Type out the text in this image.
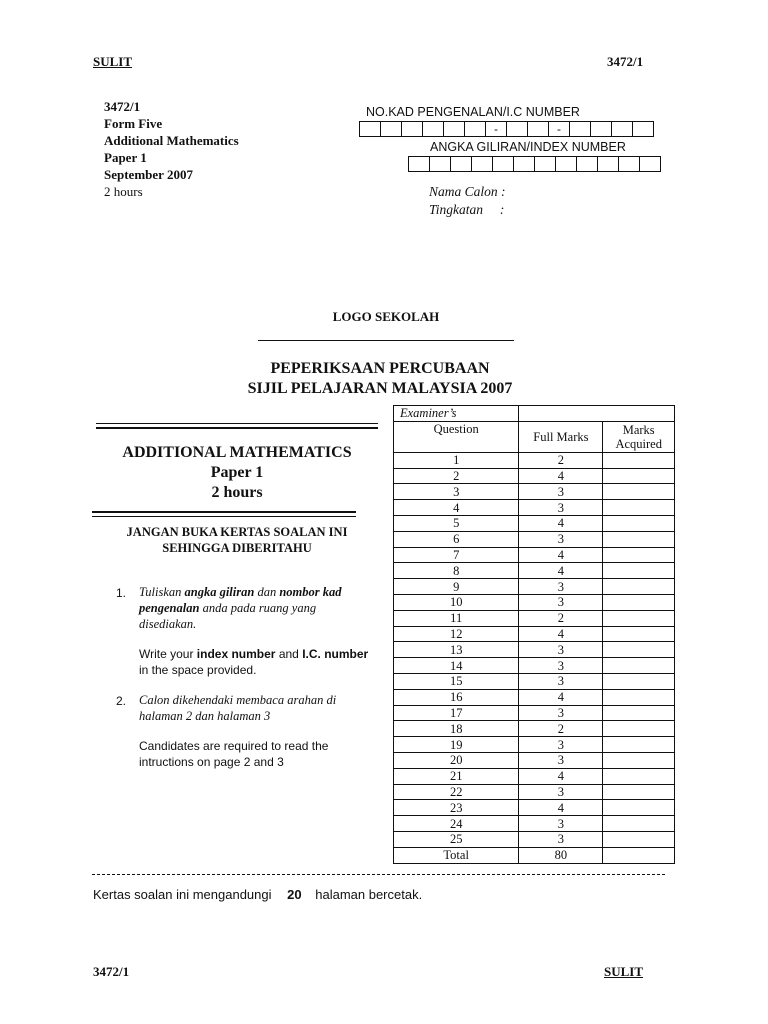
SULIT	3472/1
3472/1
Form Five
Additional Mathematics
Paper 1
September 2007
2 hours
NO.KAD PENGENALAN/I.C NUMBER
-	-
ANGKA GILIRAN/INDEX NUMBER
Nama Calon :
Tingkatan     :
LOGO SEKOLAH
PEPERIKSAAN PERCUBAAN
SIJIL PELAJARAN MALAYSIA 2007
ADDITIONAL MATHEMATICS
Paper 1
2 hours
JANGAN BUKA KERTAS SOALAN INI
SEHINGGA DIBERITAHU
1. Tuliskan angka giliran dan nombor kad pengenalan anda pada ruang yang disediakan.
Write your index number and I.C. number in the space provided.
2. Calon dikehendaki membaca arahan di halaman 2 dan halaman 3
Candidates are required to read the intructions on page 2 and 3
Examiner’s		
Question	Full Marks	Marks Acquired
1	2	
2	4	
3	3	
4	3	
5	4	
6	3	
7	4	
8	4	
9	3	
10	3	
11	2	
12	4	
13	3	
14	3	
15	3	
16	4	
17	3	
18	2	
19	3	
20	3	
21	4	
22	3	
23	4	
24	3	
25	3	
Total	80	
Kertas soalan ini mengandungi 20 halaman bercetak.
3472/1	SULIT
